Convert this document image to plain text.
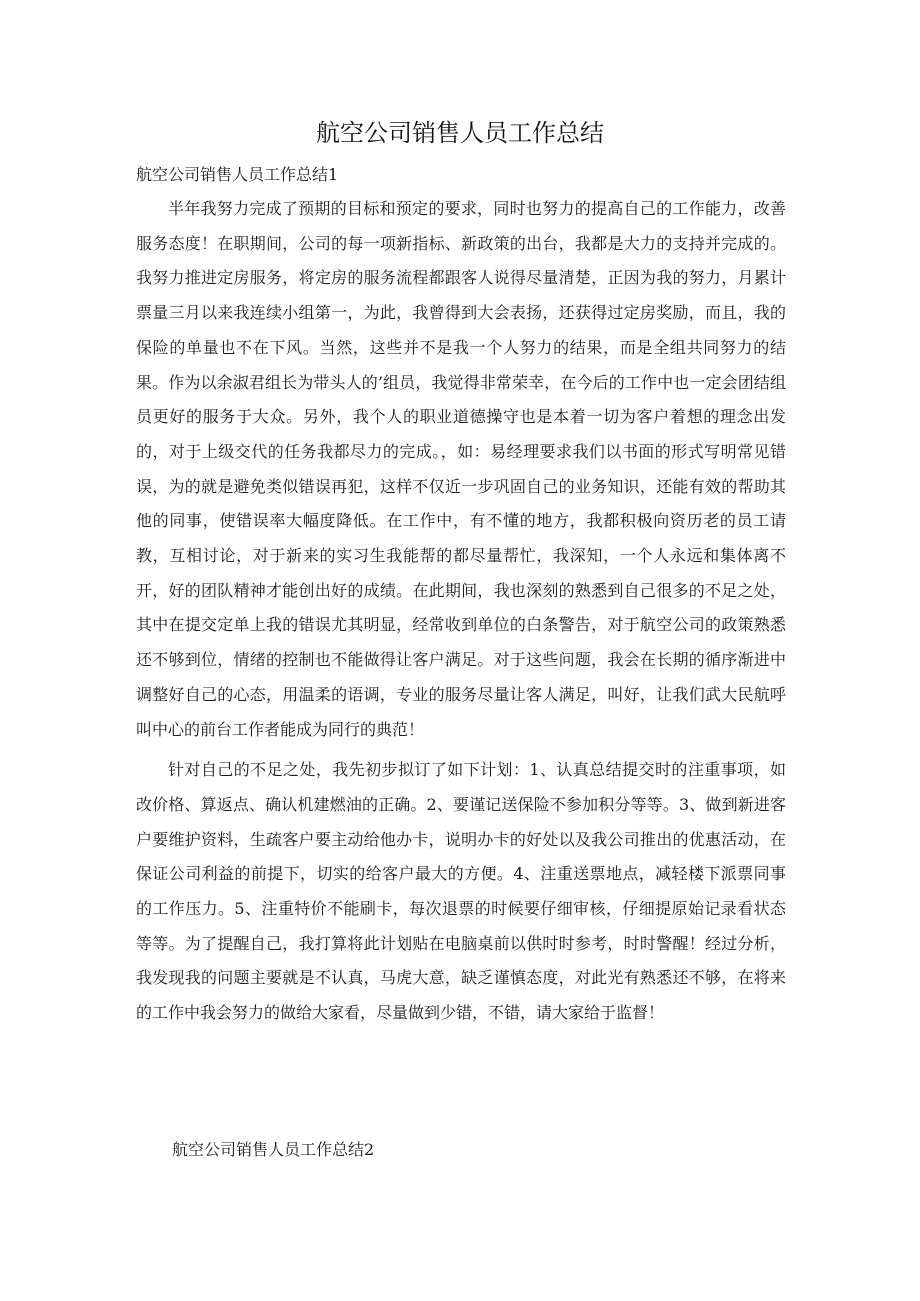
航空公司销售人员工作总结

航空公司销售人员工作总结1

半年我努力完成了预期的目标和预定的要求，同时也努力的提高自己的工作能力，改善服务态度！在职期间，公司的每一项新指标、新政策的出台，我都是大力的支持并完成的。我努力推进定房服务，将定房的服务流程都跟客人说得尽量清楚，正因为我的努力，月累计票量三月以来我连续小组第一，为此，我曾得到大会表扬，还获得过定房奖励，而且，我的保险的单量也不在下风。当然，这些并不是我一个人努力的结果，而是全组共同努力的结果。作为以余淑君组长为带头人的’组员，我觉得非常荣幸，在今后的工作中也一定会团结组员更好的服务于大众。另外，我个人的职业道德操守也是本着一切为客户着想的理念出发的，对于上级交代的任务我都尽力的完成。，如：易经理要求我们以书面的形式写明常见错误，为的就是避免类似错误再犯，这样不仅近一步巩固自己的业务知识，还能有效的帮助其他的同事，使错误率大幅度降低。在工作中，有不懂的地方，我都积极向资历老的员工请教，互相讨论，对于新来的实习生我能帮的都尽量帮忙，我深知，一个人永远和集体离不开，好的团队精神才能创出好的成绩。在此期间，我也深刻的熟悉到自己很多的不足之处，其中在提交定单上我的错误尤其明显，经常收到单位的白条警告，对于航空公司的政策熟悉还不够到位，情绪的控制也不能做得让客户满足。对于这些问题，我会在长期的循序渐进中调整好自己的心态，用温柔的语调，专业的服务尽量让客人满足，叫好，让我们武大民航呼叫中心的前台工作者能成为同行的典范！

针对自己的不足之处，我先初步拟订了如下计划：1、认真总结提交时的注重事项，如改价格、算返点、确认机建燃油的正确。2、要谨记送保险不参加积分等等。3、做到新进客户要维护资料，生疏客户要主动给他办卡，说明办卡的好处以及我公司推出的优惠活动，在保证公司利益的前提下，切实的给客户最大的方便。4、注重送票地点，减轻楼下派票同事的工作压力。5、注重特价不能刷卡，每次退票的时候要仔细审核，仔细提原始记录看状态等等。为了提醒自己，我打算将此计划贴在电脑桌前以供时时参考，时时警醒！经过分析，我发现我的问题主要就是不认真，马虎大意，缺乏谨慎态度，对此光有熟悉还不够，在将来的工作中我会努力的做给大家看，尽量做到少错，不错，请大家给于监督！

航空公司销售人员工作总结2
